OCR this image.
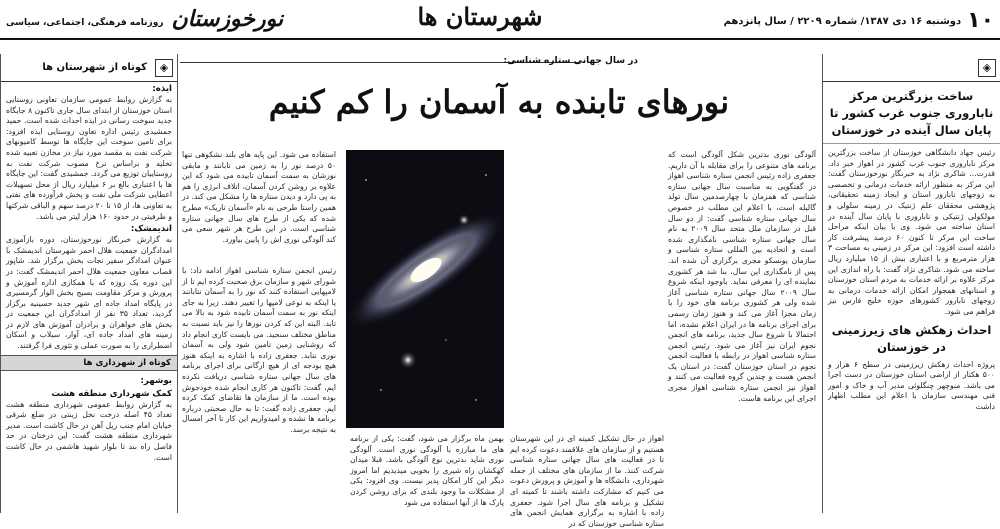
۱۰
دوشنبه ۱۶ دی ۱۳۸۷/ شماره ۲۲۰۹ / سال پانزدهم
شهرستان ها
نورخوزستان
روزنامه فرهنگی، اجتماعی، سیاسی
◈
کوتاه از شهرستان ها
ایذه:
به گزارش روابط عمومی سازمان تعاونی روستایی استان خوزستان از ابتدای سال جاری تاکنون ۸ جایگاه جدید سوخت رسانی در ایذه احداث شده است. حمید جمشیدی رئیس اداره تعاون روستایی ایذه افزود: برای تامین سوخت این جایگاه ها توسط کامیونهای شرکت نفت به مقصد مورد نیاز در مخازن تعبیه شده تخلیه و براساس نرخ مصوب شرکت نفت به روستاییان توزیع می گردد. جمشیدی گفت: این جایگاه ها با اعتباری بالغ بر ۶ میلیارد ریال از محل تسهیلات اعطایی شرکت ملی نفت و پخش فرآورده های نفتی به تعاونی ها، از ۱۵ تا ۲۰ درصد سهم و الباقی شرکتها و ظرفیتی در حدود ۱۶۰ هزار لیتر می باشد.
اندیمشک:
به گزارش خبرنگار نورخوزستان، دوره بازآموزی امدادگران جمعیت هلال احمر شهرستان اندیمشک با عنوان امدادگر سفیر نجات بخش برگزار شد. شاپور قصاب معاون جمعیت هلال احمر اندیمشک گفت: در این دوره یک روزه که با همکاری اداره آموزش و پرورش و مرکز مقاومت بسیج بخش الوار گرمسیری در پایگاه امداد جاده ای شهر جدید حسینیه برگزار گردید، تعداد ۳۵ نفر از امدادگران این جمعیت در بخش های خواهران و برادران آموزش های لازم در زمینه های امداد جاده ای، آوار، سیلاب و اسکان اضطراری را به صورت عملی و تئوری فرا گرفتند.
کوتاه از شهرداری ها
بوشهر:
کمک شهرداری منطقه هشت
به گزارش روابط عمومی شهرداری منطقه هشت تعداد ۴۵ اصله درخت نخل زینتی در ضلع شرقی خیابان امام جنب ریل آهن در حال کاشت است. مدیر شهرداری منطقه هشت گفت: این درختان در حد فاصل راه بند تا بلوار شهید هاشمی در حال کاشت است.
در سال جهانی ستاره شناسی:
نورهای تابنده به آسمان را کم کنیم
آلودگی نوری بدترین شکل آلودگی است که برنامه های متنوعی را برای مقابله با آن داریم. جعفری زاده رئیس انجمن ستاره شناسی اهواز در گفتگویی به مناسبت سال جهانی ستاره شناسی که همزمان با چهارصدمین سال تولد گالیله است، با اعلام این مطلب در خصوص سال جهانی ستاره شناسی گفت: از دو سال قبل در سازمان ملل متحد سال ۲۰۰۹ به نام سال جهانی ستاره شناسی نامگذاری شده است و اتحادیه بین المللی ستاره شناسی و سازمان یونسکو مجری برگزاری آن شده اند. پس از نامگذاری این سال، بنا شد هر کشوری نماینده ای را معرفی نماید. باوجود اینکه شروع سال ۲۰۰۹ سال جهانی ستاره شناسی آغاز شده ولی هر کشوری برنامه های خود را با زمان مجزا آغاز می کند و هنوز زمان رسمی برای اجرای برنامه ها در ایران اعلام نشده، اما احتمالا با شروع سال جدید، برنامه های انجمن نجوم ایران نیز آغاز می شود. رئیس انجمن ستاره شناسی اهواز در رابطه با فعالیت انجمن نجوم در استان خوزستان گفت: در استان یک انجمن هست و چندین گروه فعالیت می کنند و اهواز نیز انجمن ستاره شناسی اهواز مجری اجرای این برنامه هاست.
اهواز در حال تشکیل کمیته ای در این شهرستان هستیم و از سازمان های علاقمند دعوت کرده ایم تا در فعالیت های سال جهانی ستاره شناسی شرکت کنند. ما از سازمان های مختلف از جمله شهرداری، دانشگاه ها و آموزش و پرورش دعوت می کنیم که مشارکت داشته باشند تا کمیته ای تشکیل و برنامه های سال اجرا شود. جعفری زاده با اشاره به برگزاری همایش انجمن های ستاره شناسی خوزستان که در
بهمن ماه برگزار می شود، گفت: یکی از برنامه های ما مبارزه با آلودگی نوری است. آلودگی نوری شاید بدترین نوع آلودگی باشد. قبلا میدان کهکشان راه شیری را بخوبی میدیدیم اما امروز دیگر این کار امکان پذیر نیست. وی افزود: یکی از مشکلات ما وجود بلندی که برای روشن کردن پارک ها از آنها استفاده می شود
استفاده می شود. این پایه های بلند نشکوهی تنها ۵۰ درصد نور را به زمین می تابانند و مابقی نورشان به سمت آسمان تابیده می شود که این علاوه بر روشن کردن آسمان، اتلاف انرژی را هم به پی دارد و دیدن ستاره ها را مشکل می کند. در همین راستا طرحی به نام «آسمان تاریک» مطرح شده که یکی از طرح های سال جهانی ستاره شناسی است. در این طرح هر شهر سعی می کند آلودگی نوری اش را پایین بیاورد.
رئیس انجمن ستاره شناسی اهواز ادامه داد: با شورای شهر و سازمان برق صحبت کرده ایم تا از لامپهایی استفاده کنند که نور را به آسمان نتابانند یا اینکه به نوعی لامپها را تغییر دهند. زیرا به جای اینکه نور به سمت آسمان تابیده شود به بالا می تابد. البته این که کردن نورها را نیز باید نسبت به مناطق مختلف سنجید. می بایست کاری انجام داد که روشنایی زمین تامین شود ولی به آسمان نوری نتابد. جعفری زاده با اشاره به اینکه هنوز هیچ بودجه ای از هیچ ارگانی برای اجرای برنامه های سال جهانی ستاره شناسی دریافت نکرده ایم، گفت: تاکنون هر کاری انجام شده خودجوش بوده است. ما از سازمان ها تقاضای کمک کرده ایم. جعفری زاده گفت: تا به حال صحبتی درباره برنامه ها نشده و امیدواریم این کار تا آخر امسال به نتیجه برسد.
◈
ساخت بزرگترین مرکز ناباروری جنوب غرب کشور تا پایان سال آینده در خوزستان
رئیس جهاد دانشگاهی خوزستان از ساخت بزرگترین مرکز ناباروری جنوب غرب کشور در اهواز خبر داد. قدرت... شاکری نژاد به خبرنگار نورخوزستان گفت: این مرکز به منظور ارائه خدمات درمانی و تخصصی به زوجهای نابارور استان و ایجاد زمینه تحقیقاتی، پژوهشی محققان علم ژنتیک در زمینه سلولی و مولکولی ژنتیکی و ناباروری با پایان سال آینده در استان ساخته می شود. وی با بیان اینکه مراحل ساخت این مرکز تا کنون ۶۰ درصد پیشرفت کار داشته است افزود: این مرکز در زمینی به مساحت ۳ هزار مترمربع و با اعتباری بیش از ۱۵ میلیارد ریال ساخته می شود. شاکری نژاد گفت: با راه اندازی این مرکز علاوه بر ارائه خدمات به مردم استان خوزستان و استانهای همجوار امکان ارائه خدمات درمانی به زوجهای نابارور کشورهای حوزه خلیج فارس نیز فراهم می شود.
احداث زهکش های زیرزمینی در خوزستان
پروژه احداث زهکش زیرزمینی در سطح ۶ هزار و ۵۰۰ هکتار از اراضی استان خوزستان در دست اجرا می باشد. منوچهر چنگلوئی مدیر آب و خاک و امور فنی مهندسی سازمان با اعلام این مطلب اظهار داشت
